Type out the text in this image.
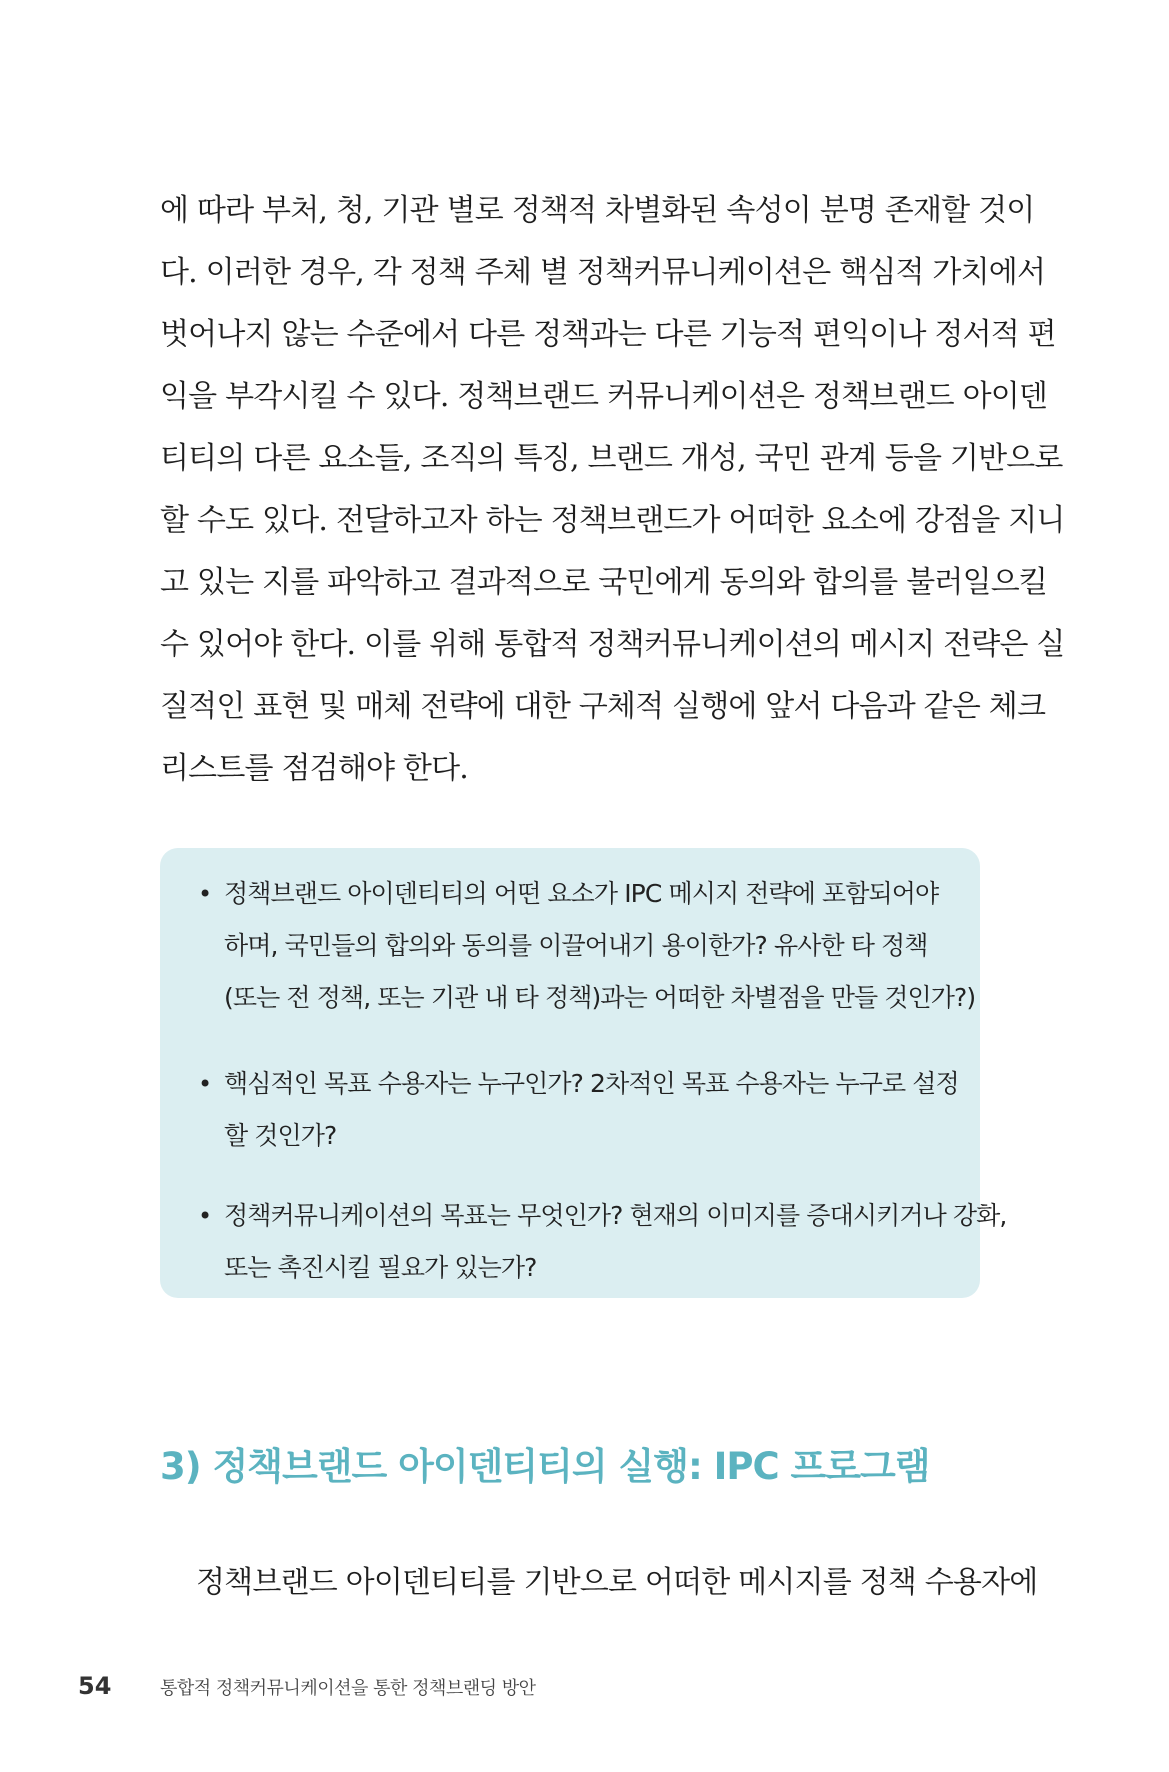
에 따라 부처, 청, 기관 별로 정책적 차별화된 속성이 분명 존재할 것이
다. 이러한 경우, 각 정책 주체 별 정책커뮤니케이션은 핵심적 가치에서
벗어나지 않는 수준에서 다른 정책과는 다른 기능적 편익이나 정서적 편
익을 부각시킬 수 있다. 정책브랜드 커뮤니케이션은 정책브랜드 아이덴
티티의 다른 요소들, 조직의 특징, 브랜드 개성, 국민 관계 등을 기반으로
할 수도 있다. 전달하고자 하는 정책브랜드가 어떠한 요소에 강점을 지니
고 있는 지를 파악하고 결과적으로 국민에게 동의와 합의를 불러일으킬
수 있어야 한다. 이를 위해 통합적 정책커뮤니케이션의 메시지 전략은 실
질적인 표현 및 매체 전략에 대한 구체적 실행에 앞서 다음과 같은 체크
리스트를 점검해야 한다.
• 정책브랜드 아이덴티티의 어떤 요소가 IPC 메시지 전략에 포함되어야
하며, 국민들의 합의와 동의를 이끌어내기 용이한가? 유사한 타 정책
(또는 전 정책, 또는 기관 내 타 정책)과는 어떠한 차별점을 만들 것인가?)
• 핵심적인 목표 수용자는 누구인가? 2차적인 목표 수용자는 누구로 설정
할 것인가?
• 정책커뮤니케이션의 목표는 무엇인가? 현재의 이미지를 증대시키거나 강화,
또는 촉진시킬 필요가 있는가?
3) 정책브랜드 아이덴티티의 실행: IPC 프로그램
정책브랜드 아이덴티티를 기반으로 어떠한 메시지를 정책 수용자에
54	통합적 정책커뮤니케이션을 통한 정책브랜딩 방안
